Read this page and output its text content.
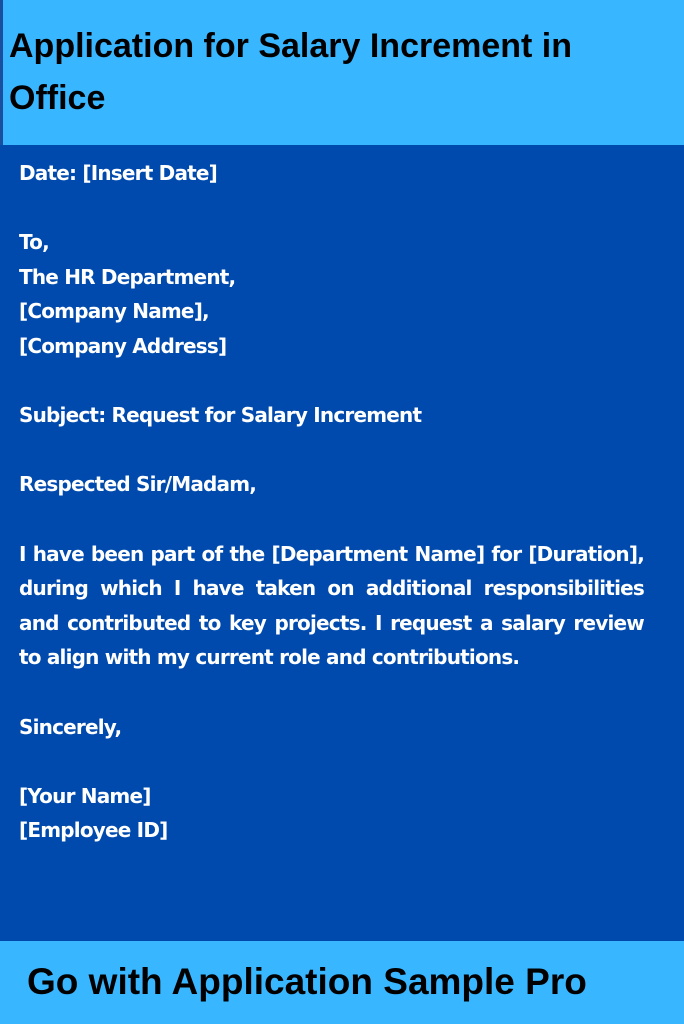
Application for Salary Increment in Office
Date: [Insert Date]
To,
The HR Department,
[Company Name],
[Company Address]
Subject: Request for Salary Increment
Respected Sir/Madam,
I have been part of the [Department Name] for [Duration], during which I have taken on additional responsibilities and contributed to key projects. I request a salary review to align with my current role and contributions.
Sincerely,
[Your Name]
[Employee ID]
Go with Application Sample Pro
